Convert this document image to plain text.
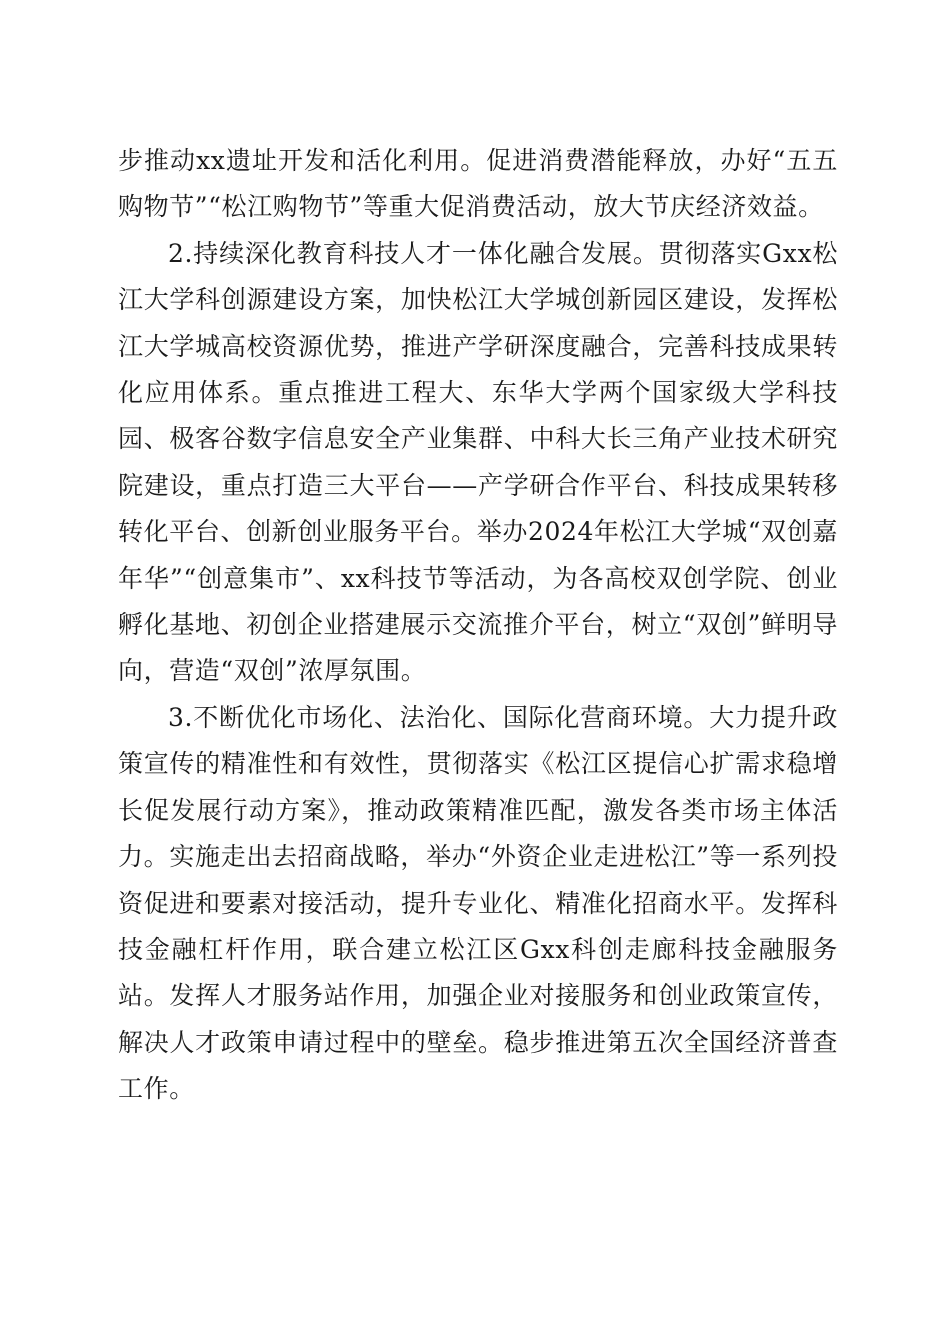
步推动xx遗址开发和活化利用。促进消费潜能释放，办好“五五购物节”“松江购物节”等重大促消费活动，放大节庆经济效益。

2.持续深化教育科技人才一体化融合发展。贯彻落实Gxx松江大学科创源建设方案，加快松江大学城创新园区建设，发挥松江大学城高校资源优势，推进产学研深度融合，完善科技成果转化应用体系。重点推进工程大、东华大学两个国家级大学科技园、极客谷数字信息安全产业集群、中科大长三角产业技术研究院建设，重点打造三大平台——产学研合作平台、科技成果转移转化平台、创新创业服务平台。举办2024年松江大学城“双创嘉年华”“创意集市”、xx科技节等活动，为各高校双创学院、创业孵化基地、初创企业搭建展示交流推介平台，树立“双创”鲜明导向，营造“双创”浓厚氛围。

3.不断优化市场化、法治化、国际化营商环境。大力提升政策宣传的精准性和有效性，贯彻落实《松江区提信心扩需求稳增长促发展行动方案》，推动政策精准匹配，激发各类市场主体活力。实施走出去招商战略，举办“外资企业走进松江”等一系列投资促进和要素对接活动，提升专业化、精准化招商水平。发挥科技金融杠杆作用，联合建立松江区Gxx科创走廊科技金融服务站。发挥人才服务站作用，加强企业对接服务和创业政策宣传，解决人才政策申请过程中的壁垒。稳步推进第五次全国经济普查工作。
